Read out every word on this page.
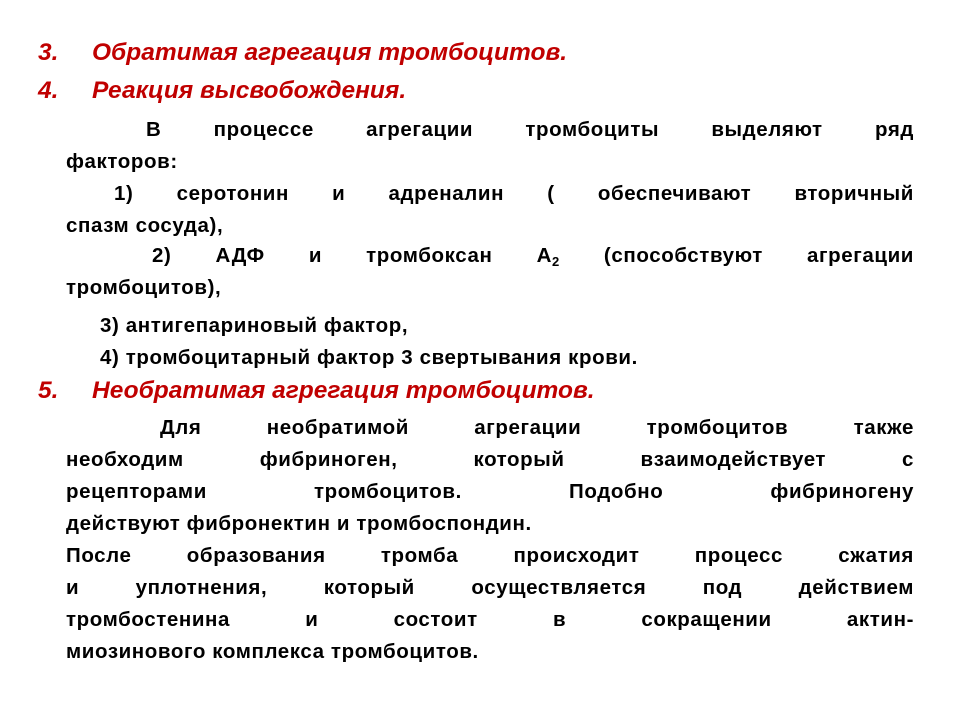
3. Обратимая агрегация тромбоцитов.

4. Реакция высвобождения.

В процессе агрегации тромбоциты выделяют ряд
факторов:
1) серотонин и адреналин ( обеспечивают вторичный
спазм сосуда),
2) АДФ и тромбоксан $А_2$ (способствуют агрегации
тромбоцитов),
3) антигепариновый фактор,
4) тромбоцитарный фактор 3 свертывания крови.

5. Необратимая агрегация тромбоцитов.

Для необратимой агрегации тромбоцитов также
необходим фибриноген, который взаимодействует с
рецепторами тромбоцитов. Подобно фибриногену
действуют фибронектин и тромбоспондин.
После образования тромба происходит процесс сжатия
и уплотнения, который осуществляется под действием
тромбостенина и состоит в сокращении актин-
миозинового комплекса тромбоцитов.
